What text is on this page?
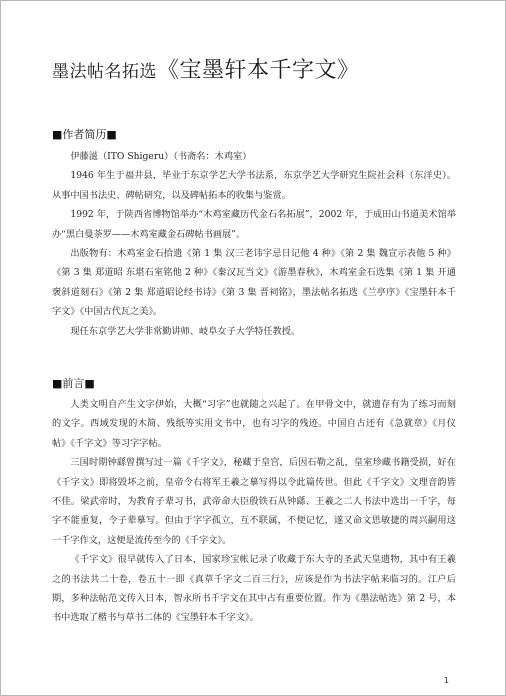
墨法帖名拓选《宝墨轩本千字文》
■作者简历■

伊藤滋（ITO Shigeru）（书斋名：木鸡室）

1946 年生于福井县，毕业于东京学艺大学书法系，东京学艺大学研究生院社会科（东洋史）。从事中国书法史、碑帖研究，以及碑帖拓本的收集与鉴赏。

1992 年，于陕西省博物馆举办“木鸡室藏历代金石名拓展”，2002 年，于成田山书道美术馆举办“黑白曼荼罗——木鸡室藏金石碑帖书画展”。

出版物有：木鸡室金石拾遗《第 1 集 汉三老讳字忌日记他 4 种》《第 2 集 魏宣示表他 5 种》《第 3 集 郑道昭 东堪石室铭他 2 种》《秦汉瓦当文》《游墨春秋》，木鸡室金石选集《第 1 集 开通褒斜道刻石》《第 2 集 郑道昭论经书诗》《第 3 集 晋祠铭》，墨法帖名拓选《兰亭序》《宝墨轩本千字文》《中国古代瓦之美》。

现任东京学艺大学非常勤讲师、岐阜女子大学特任教授。

■前言■

人类文明自产生文字伊始，大概“习字”也就随之兴起了。在甲骨文中，就遗存有为了练习而刻的文字。西域发现的木简、残纸等实用文书中，也有习字的残迹。中国自古还有《急就章》《月仪帖》《千字文》等习字字帖。

三国时期钟繇曾撰写过一篇《千字文》，秘藏于皇宫，后因石勒之乱，皇室珍藏书籍受损，好在《千字文》即将毁坏之前，皇帝令右将军王羲之摹写得以令此篇传世。但此《千字文》文理音韵皆不佳。梁武帝时，为教育子辈习书，武帝命大臣殷铁石从钟繇、王羲之二人书法中选出一千字，每字不能重复，令子辈摹写。但由于字字孤立，互不联属，不便记忆，遂又命文思敏捷的周兴嗣用这一千字作文，这便是流传至今的《千字文》。

《千字文》很早就传入了日本，国家珍宝帐记录了收藏于东大寺的圣武天皇遗物，其中有王羲之的书法共二十卷，卷五十一即《真草千字文二百三行》，应该是作为书法字帖来临习的。江户后期，多种法帖范文传入日本，智永所书千字文在其中占有重要位置。作为《墨法帖选》第 2 号，本书中选取了楷书与草书二体的《宝墨轩本千字文》。

1
